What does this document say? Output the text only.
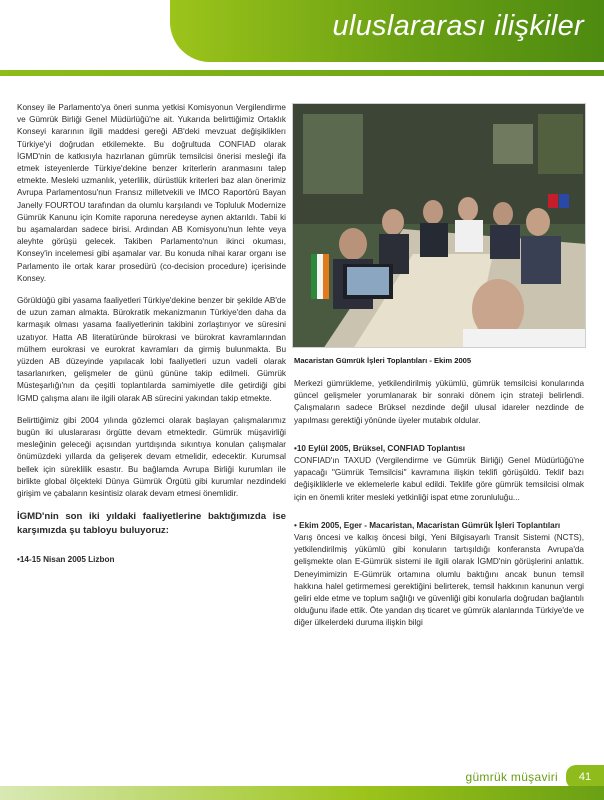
uluslararası ilişkiler

Konsey ile Parlamento'ya öneri sunma yetkisi Komisyonun Vergilendirme ve Gümrük Birliği Genel Müdürlüğü'ne ait. Yukarıda belirttiğimiz Ortaklık Konseyi kararının ilgili maddesi gereği AB'deki mevzuat değişikliklerı Türkiye'yi doğrudan etkilemekte. Bu doğrultuda CONFIAD olarak İGMD'nin de katkısıyla hazırlanan gümrük temsilcisi önerisi mesleği ifa etmek isteyenlerde Türkiye'dekine benzer kriterlerin aranmasını talep etmekte. Mesleki uzmanlık, yeterlilik, dürüstlük kriterleri baz alan önerimiz Avrupa Parlamentosu'nun Fransız milletvekili ve IMCO Raportörü Bayan Janelly FOURTOU tarafından da olumlu karşılandı ve Topluluk Modernize Gümrük Kanunu için Komite raporuna neredeyse aynen aktarıldı. Tabii ki bu aşamalardan sadece birisi. Ardından AB Komisyonu'nun lehte veya aleyhte görüşü gelecek. Takiben Parlamento'nun ikinci okuması, Konsey'in incelemesi gibi aşamalar var. Bu konuda nihai karar organı ise Parlamento ile ortak karar prosedürü (co-decision procedure) içerisinde Konsey.

Görüldüğü gibi yasama faaliyetleri Türkiye'dekine benzer bir şekilde AB'de de uzun zaman almakta. Bürokratik mekanizmanın Türkiye'den daha da karmaşık olması yasama faaliyetlerinin takibini zorlaştırıyor ve süresini uzatıyor. Hatta AB literatüründe bürokrasi ve bürokrat kavramlarından mülhem eurokrasi ve eurokrat kavramları da girmiş bulunmakta. Bu yüzden AB düzeyinde yapılacak lobi faaliyetleri uzun vadeli olarak tasarlanırken, gelişmeler de günü gününe takip edilmeli. Gümrük Müsteşarlığı'nın da çeşitli toplantılarda samimiyetle dile getirdiği gibi İGMD çalışma alanı ile ilgili olarak AB sürecini yakından takip etmekte.

Belirttiğimiz gibi 2004 yılında gözlemci olarak başlayan çalışmalarımız bugün iki uluslararası örgütte devam etmektedir. Gümrük müşavirliği mesleğinin geleceği açısından yurtdışında sıkıntıya konulan çalışmalar önümüzdeki yıllarda da gelişerek devam etmelidir, edecektir. Kurumsal bellek için süreklilik esastır. Bu bağlamda Avrupa Birliği kurumları ile birlikte global ölçekteki Dünya Gümrük Örgütü gibi kurumlar nezdindeki girişim ve çabaların kesintisiz olarak devam etmesi önemlidir.

İGMD'nin son iki yıldaki faaliyetlerine baktığımızda ise karşımızda şu tabloyu buluyoruz:

•14-15 Nisan 2005 Lizbon

Macaristan Gümrük İşleri Toplantıları - Ekim 2005

Merkezi gümrükleme, yetkilendirilmiş yükümlü, gümrük temsilcisi konularında güncel gelişmeler yorumlanarak bir sonraki dönem için strateji belirlendi. Çalışmaların sadece Brüksel nezdinde değil ulusal idareler nezdinde de yapılması gerektiği yönünde üyeler mutabık oldular.

•10 Eylül 2005, Brüksel, CONFIAD Toplantısı

CONFIAD'ın TAXUD (Vergilendirme ve Gümrük Birliği) Genel Müdürlüğü'ne yapacağı "Gümrük Temsilcisi" kavramına ilişkin teklifi görüşüldü. Teklif bazı değişikliklerle ve eklemelerle kabul edildi. Teklife göre gümrük temsilcisi olmak için en önemli kriter mesleki yetkinliği ispat etme zorunluluğu...

• Ekim 2005, Eger - Macaristan, Macaristan Gümrük İşleri Toplantıları

Varış öncesi ve kalkış öncesi bilgi, Yeni Bilgisayarlı Transit Sistemi (NCTS), yetkilendirilmiş yükümlü gibi konuların tartışıldığı konferansta Avrupa'da gelişmekte olan E-Gümrük sistemi ile ilgili olarak İGMD'nin görüşlerini anlattık. Deneyimimizin E-Gümrük ortamına olumlu baktığını ancak bunun temsil hakkına halel getirmemesi gerektiğini belirterek, temsil hakkının kanunun vergi geliri elde etme ve toplum sağlığı ve güvenliği gibi konularla doğrudan bağlantılı olduğunu ifade ettik. Öte yandan dış ticaret ve gümrük alanlarında Türkiye'de ve diğer ülkelerdeki duruma ilişkin bilgi

gümrük müşaviri	41
